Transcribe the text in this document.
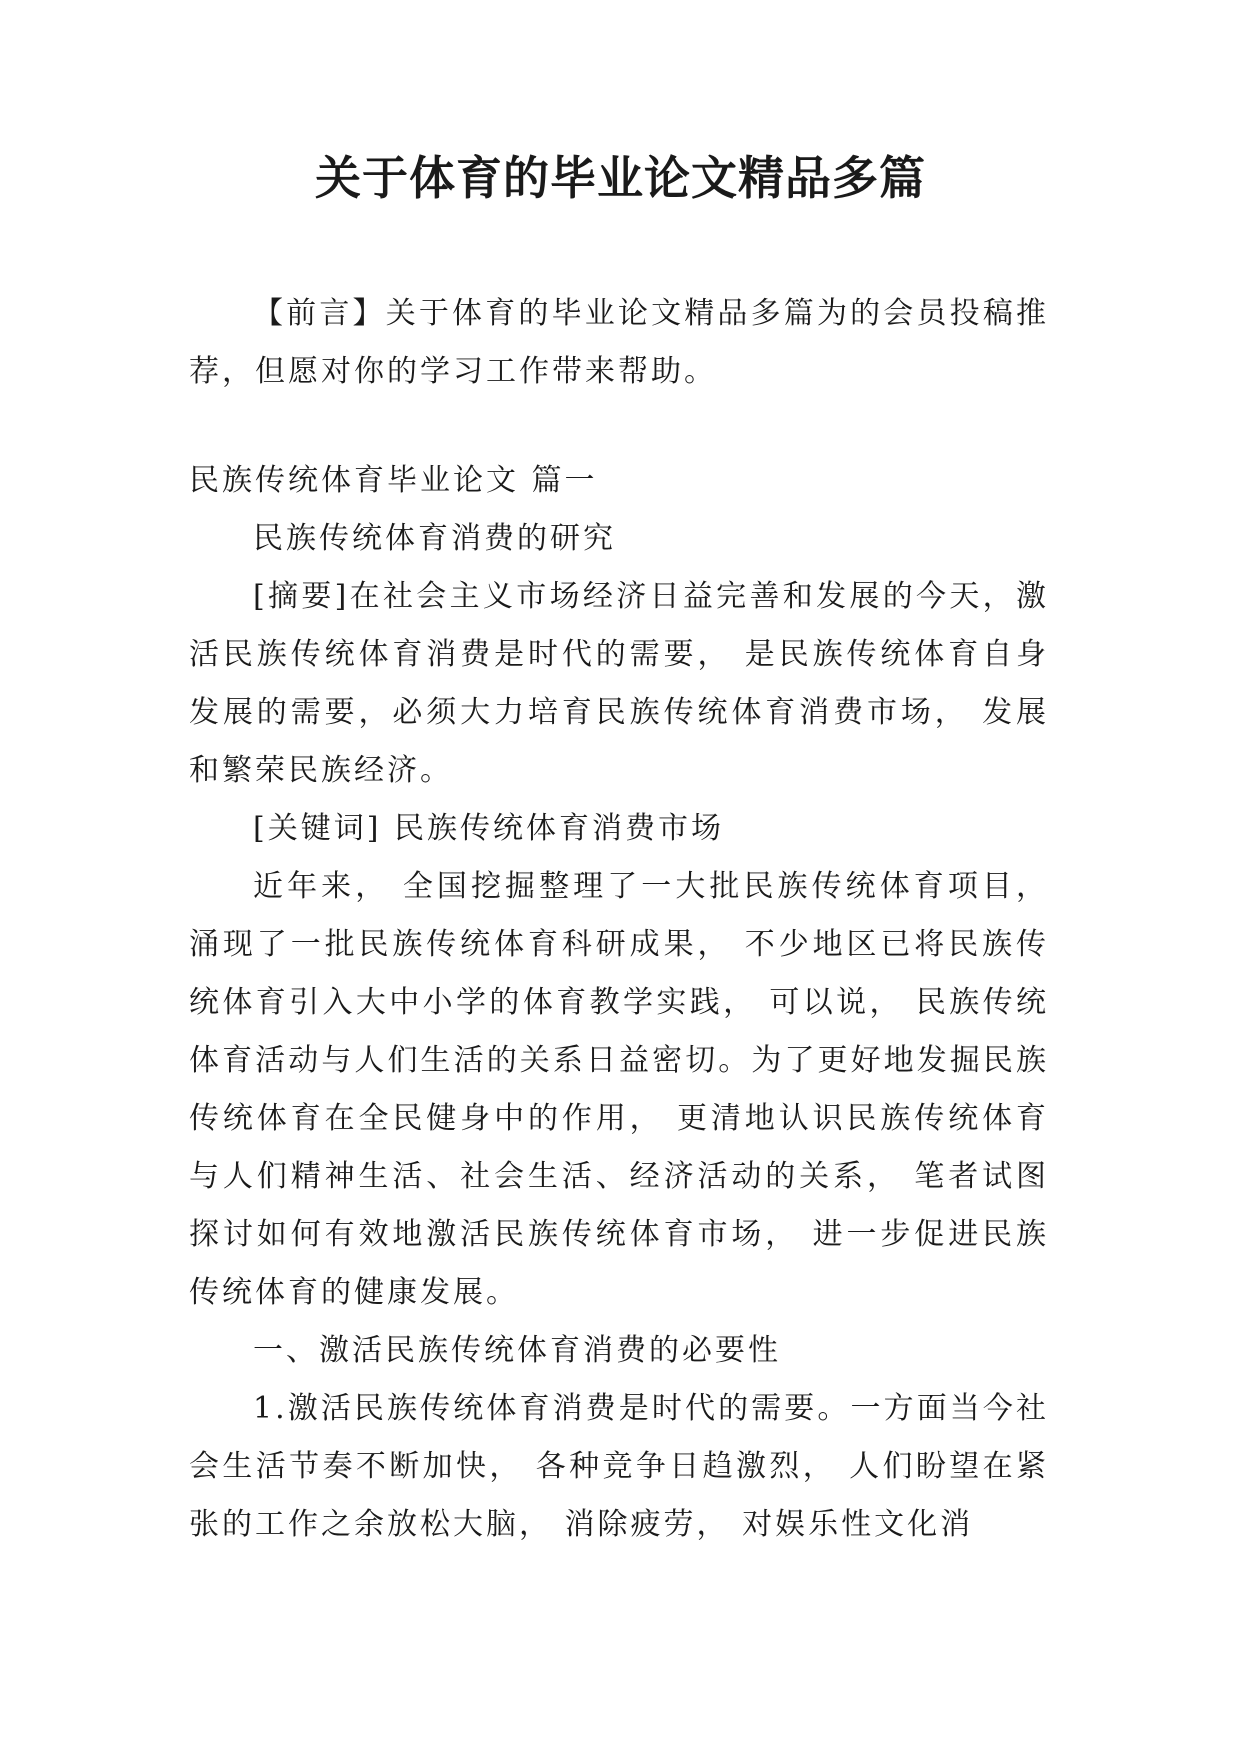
关于体育的毕业论文精品多篇

【前言】关于体育的毕业论文精品多篇为的会员投稿推荐，但愿对你的学习工作带来帮助。

民族传统体育毕业论文 篇一

民族传统体育消费的研究

[摘要]在社会主义市场经济日益完善和发展的今天，激活民族传统体育消费是时代的需要， 是民族传统体育自身发展的需要，必须大力培育民族传统体育消费市场， 发展和繁荣民族经济。

[关键词] 民族传统体育消费市场

近年来， 全国挖掘整理了一大批民族传统体育项目，涌现了一批民族传统体育科研成果， 不少地区已将民族传统体育引入大中小学的体育教学实践， 可以说， 民族传统体育活动与人们生活的关系日益密切。为了更好地发掘民族传统体育在全民健身中的作用， 更清地认识民族传统体育与人们精神生活、社会生活、经济活动的关系， 笔者试图探讨如何有效地激活民族传统体育市场， 进一步促进民族传统体育的健康发展。

一、激活民族传统体育消费的必要性

1.激活民族传统体育消费是时代的需要。一方面当今社会生活节奏不断加快， 各种竞争日趋激烈， 人们盼望在紧张的工作之余放松大脑， 消除疲劳， 对娱乐性文化消
